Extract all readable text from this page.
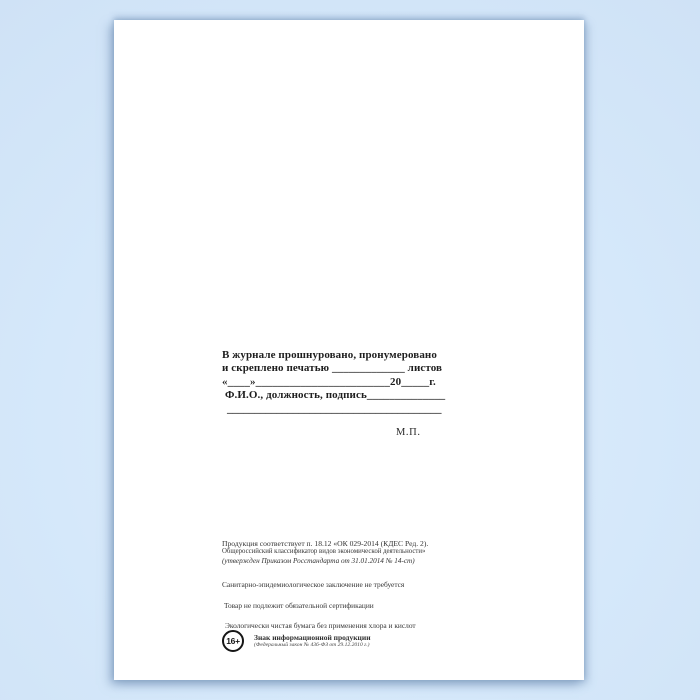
В журнале прошнуровано, пронумеровано
и скреплено печатью _____________ листов
«____»________________________20_____г.
Ф.И.О., должность, подпись______________
_______________________________________
М.П.
Продукция соответствует п. 18.12 «ОК 029-2014 (КДЕС Ред. 2).
Общероссийский классификатор видов экономической деятельности»
(утвержден Приказом Росстандарта от 31.01.2014 № 14-ст)
Санитарно-эпидемиологическое заключение не требуется
Товар не подлежит обязательной сертификации
Экологически чистая бумага без применения хлора и кислот
16+	Знак информационной продукции
(Федеральный закон № 436-ФЗ от 29.12.2010 г.)
